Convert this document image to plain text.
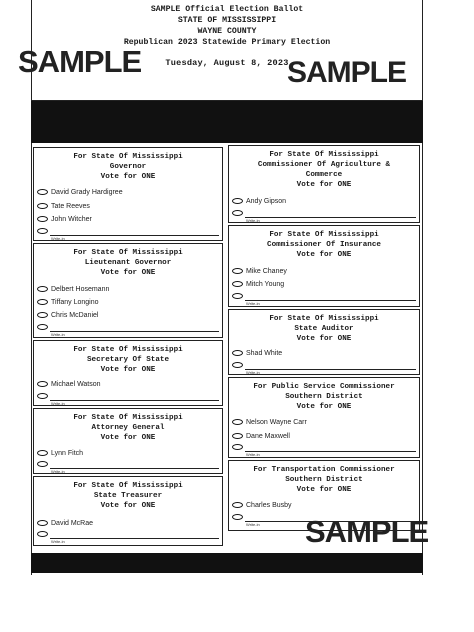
SAMPLE Official Election Ballot
STATE OF MISSISSIPPI
WAYNE COUNTY
Republican 2023 Statewide Primary Election
Tuesday, August 8, 2023
For State Of Mississippi
Governor
Vote for ONE
David Grady Hardigree
Tate Reeves
John Witcher
Write-in
For State Of Mississippi
Lieutenant Governor
Vote for ONE
Delbert Hosemann
Tiffany Longino
Chris McDaniel
Write-in
For State Of Mississippi
Secretary Of State
Vote for ONE
Michael Watson
Write-in
For State Of Mississippi
Attorney General
Vote for ONE
Lynn Fitch
Write-in
For State Of Mississippi
State Treasurer
Vote for ONE
David McRae
Write-in
For State Of Mississippi
Commissioner Of Agriculture &
Commerce
Vote for ONE
Andy Gipson
Write-in
For State Of Mississippi
Commissioner Of Insurance
Vote for ONE
Mike Chaney
Mitch Young
Write-in
For State Of Mississippi
State Auditor
Vote for ONE
Shad White
Write-in
For Public Service Commissioner
Southern District
Vote for ONE
Nelson Wayne Carr
Dane Maxwell
Write-in
For Transportation Commissioner
Southern District
Vote for ONE
Charles Busby
Write-in
SAMPLE	SAMPLE
SAMPLE
